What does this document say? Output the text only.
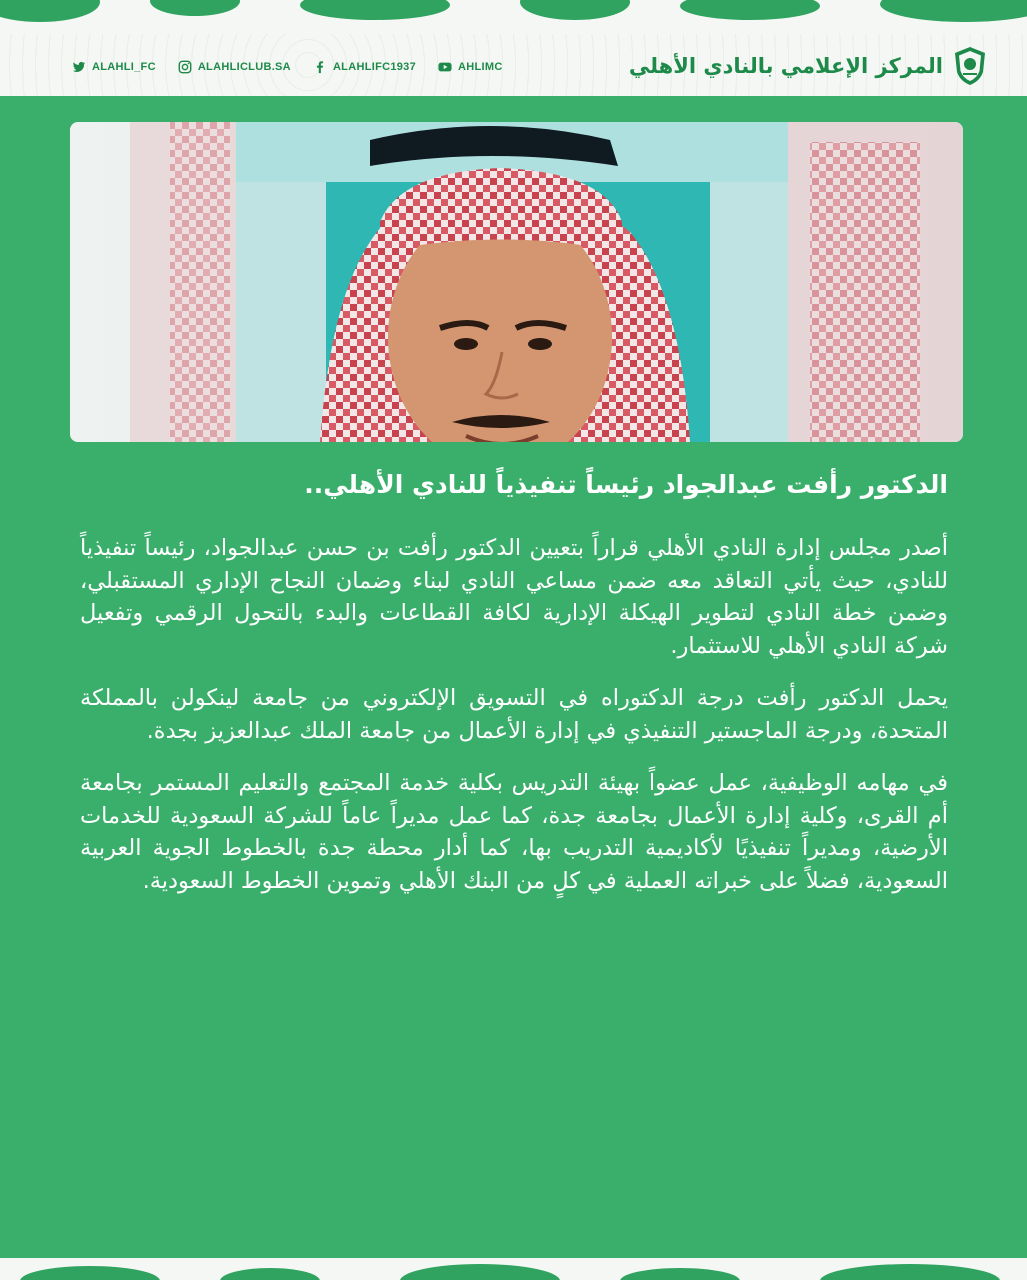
المركز الإعلامي بالنادي الأهلي
ALAHLI_FC	ALAHLICLUB.SA	ALAHLIFC1937	AHLIMC
الدكتور رأفت عبدالجواد رئيساً تنفيذياً للنادي الأهلي..

أصدر مجلس إدارة النادي الأهلي قراراً بتعيين الدكتور رأفت بن حسن عبدالجواد، رئيساً تنفيذياً للنادي، حيث يأتي التعاقد معه ضمن مساعي النادي لبناء وضمان النجاح الإداري المستقبلي، وضمن خطة النادي لتطوير الهيكلة الإدارية لكافة القطاعات والبدء بالتحول الرقمي وتفعيل شركة النادي الأهلي للاستثمار.

يحمل الدكتور رأفت درجة الدكتوراه في التسويق الإلكتروني من جامعة لينكولن بالمملكة المتحدة، ودرجة الماجستير التنفيذي في إدارة الأعمال من جامعة الملك عبدالعزيز بجدة.

في مهامه الوظيفية، عمل عضواً بهيئة التدريس بكلية خدمة المجتمع والتعليم المستمر بجامعة أم القرى، وكلية إدارة الأعمال بجامعة جدة، كما عمل مديراً عاماً للشركة السعودية للخدمات الأرضية، ومديراً تنفيذيًا لأكاديمية التدريب بها، كما أدار محطة جدة بالخطوط الجوية العربية السعودية، فضلاً على خبراته العملية في كلٍ من البنك الأهلي وتموين الخطوط السعودية.
